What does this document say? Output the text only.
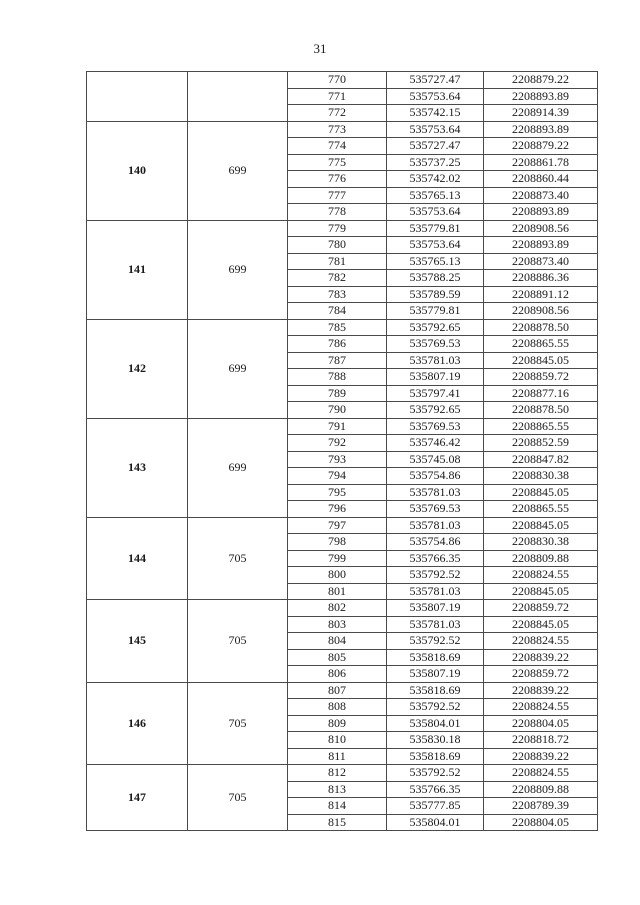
31
		770	535727.47	2208879.22
		771	535753.64	2208893.89
		772	535742.15	2208914.39
140	699	773	535753.64	2208893.89
		774	535727.47	2208879.22
		775	535737.25	2208861.78
		776	535742.02	2208860.44
		777	535765.13	2208873.40
		778	535753.64	2208893.89
141	699	779	535779.81	2208908.56
		780	535753.64	2208893.89
		781	535765.13	2208873.40
		782	535788.25	2208886.36
		783	535789.59	2208891.12
		784	535779.81	2208908.56
142	699	785	535792.65	2208878.50
		786	535769.53	2208865.55
		787	535781.03	2208845.05
		788	535807.19	2208859.72
		789	535797.41	2208877.16
		790	535792.65	2208878.50
143	699	791	535769.53	2208865.55
		792	535746.42	2208852.59
		793	535745.08	2208847.82
		794	535754.86	2208830.38
		795	535781.03	2208845.05
		796	535769.53	2208865.55
144	705	797	535781.03	2208845.05
		798	535754.86	2208830.38
		799	535766.35	2208809.88
		800	535792.52	2208824.55
		801	535781.03	2208845.05
145	705	802	535807.19	2208859.72
		803	535781.03	2208845.05
		804	535792.52	2208824.55
		805	535818.69	2208839.22
		806	535807.19	2208859.72
146	705	807	535818.69	2208839.22
		808	535792.52	2208824.55
		809	535804.01	2208804.05
		810	535830.18	2208818.72
		811	535818.69	2208839.22
147	705	812	535792.52	2208824.55
		813	535766.35	2208809.88
		814	535777.85	2208789.39
		815	535804.01	2208804.05
